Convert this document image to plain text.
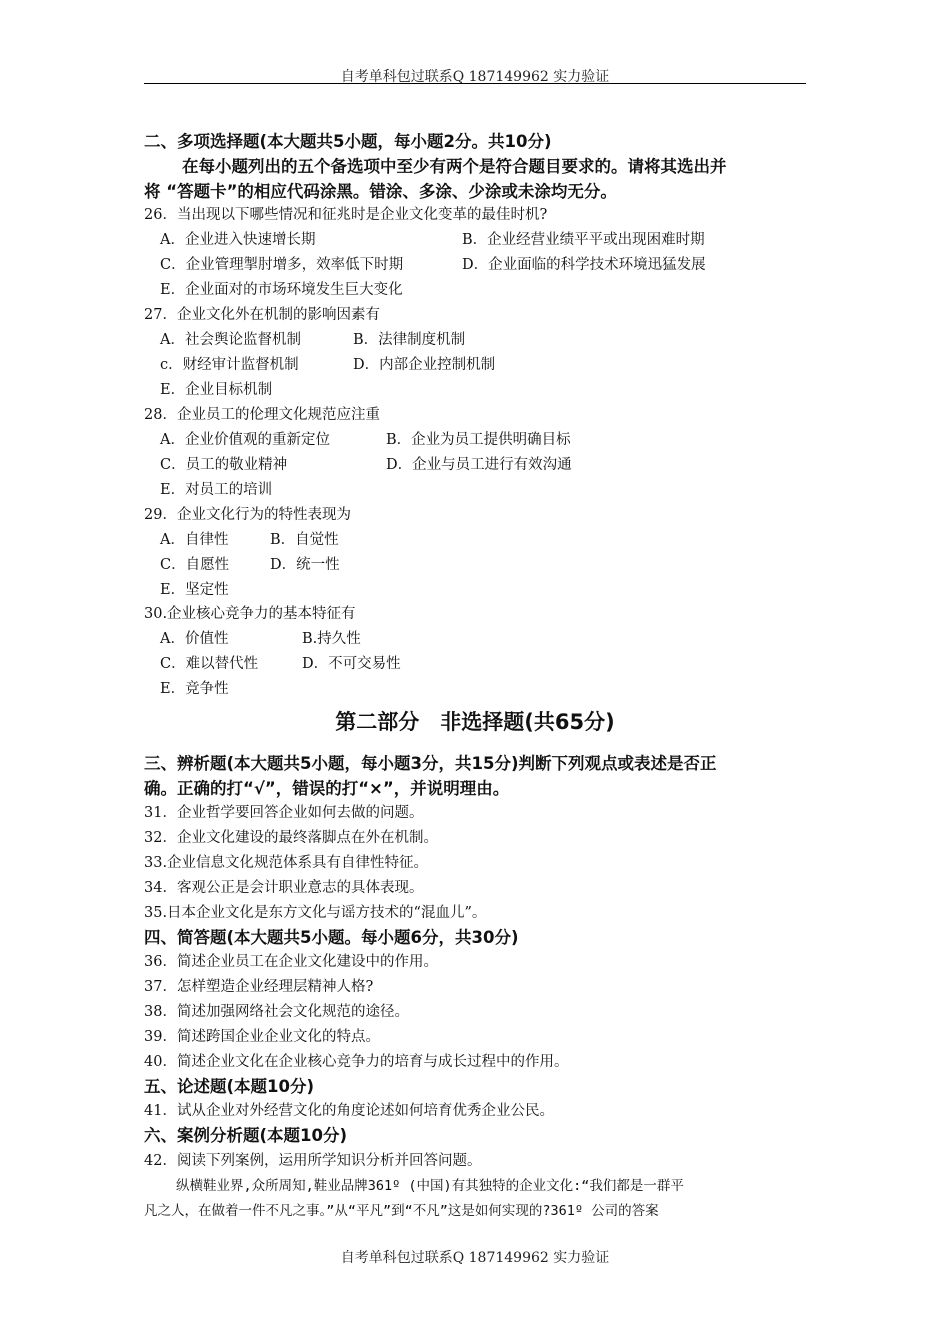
自考单科包过联系Q 187149962 实力验证
二、多项选择题(本大题共5小题，每小题2分。共10分)
在每小题列出的五个备选项中至少有两个是符合题目要求的。请将其选出并
将 “答题卡”的相应代码涂黑。错涂、多涂、少涂或未涂均无分。
26．当出现以下哪些情况和征兆时是企业文化变革的最佳时机?
A．企业进入快速增长期	B．企业经营业绩平平或出现困难时期
C．企业管理掣肘增多，效率低下时期	D．企业面临的科学技术环境迅猛发展
E．企业面对的市场环境发生巨大变化
27．企业文化外在机制的影响因素有
A．社会舆论监督机制	B．法律制度机制
c．财经审计监督机制	D．内部企业控制机制
E．企业目标机制
28．企业员工的伦理文化规范应注重
A．企业价值观的重新定位	B．企业为员工提供明确目标
C．员工的敬业精神	D．企业与员工进行有效沟通
E．对员工的培训
29．企业文化行为的特性表现为
A．自律性	B．自觉性
C．自愿性	D．统一性
E．坚定性
30.企业核心竞争力的基本特征有
A．价值性	B.持久性
C．难以替代性	D．不可交易性
E．竞争性
第二部分　非选择题(共65分)
三、辨析题(本大题共5小题，每小题3分，共15分)判断下列观点或表述是否正
确。正确的打“√”，错误的打“×”，并说明理由。
31．企业哲学要回答企业如何去做的问题。
32．企业文化建设的最终落脚点在外在机制。
33.企业信息文化规范体系具有自律性特征。
34．客观公正是会计职业意志的具体表现。
35.日本企业文化是东方文化与谣方技术的“混血儿”。
四、简答题(本大题共5小题。每小题6分，共30分)
36．简述企业员工在企业文化建设中的作用。
37．怎样塑造企业经理层精神人格?
38．简述加强网络社会文化规范的途径。
39．简述跨国企业企业文化的特点。
40．简述企业文化在企业核心竞争力的培育与成长过程中的作用。
五、论述题(本题10分)
41．试从企业对外经营文化的角度论述如何培育优秀企业公民。
六、案例分析题(本题10分)
42．阅读下列案例，运用所学知识分析并回答问题。
纵横鞋业界,众所周知,鞋业品牌361º (中国)有其独特的企业文化:“我们都是一群平
凡之人，在做着一件不凡之事。”从“平凡”到“不凡”这是如何实现的?361º 公司的答案
自考单科包过联系Q 187149962 实力验证
